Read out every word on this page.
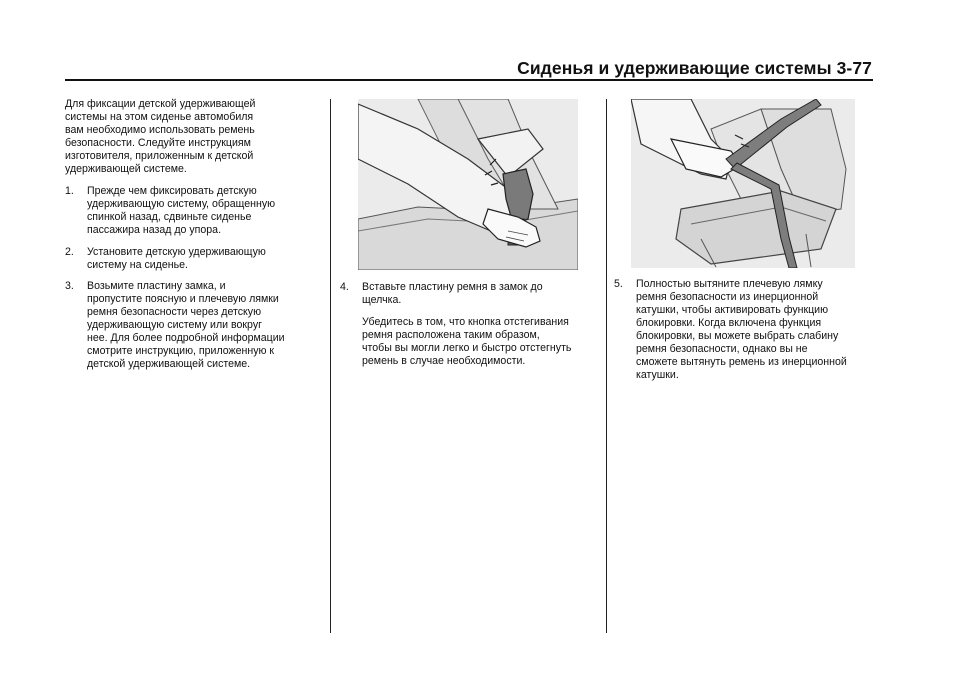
Сиденья и удерживающие системы 3-77

Для фиксации детской удерживающей
системы на этом сиденье автомобиля
вам необходимо использовать ремень
безопасности. Следуйте инструкциям
изготовителя, приложенным к детской
удерживающей системе.

1. Прежде чем фиксировать детскую
удерживающую систему, обращенную
спинкой назад, сдвиньте сиденье
пассажира назад до упора.
2. Установите детскую удерживающую
систему на сиденье.
3. Возьмите пластину замка, и
пропустите поясную и плечевую лямки
ремня безопасности через детскую
удерживающую систему или вокруг
нее. Для более подробной информации
смотрите инструкцию, приложенную к
детской удерживающей системе.
4. Вставьте пластину ремня в замок до
щелчка.

Убедитесь в том, что кнопка отстегивания
ремня расположена таким образом,
чтобы вы могли легко и быстро отстегнуть
ремень в случае необходимости.

5. Полностью вытяните плечевую лямку
ремня безопасности из инерционной
катушки, чтобы активировать функцию
блокировки. Когда включена функция
блокировки, вы можете выбрать слабину
ремня безопасности, однако вы не
сможете вытянуть ремень из инерционной
катушки.
